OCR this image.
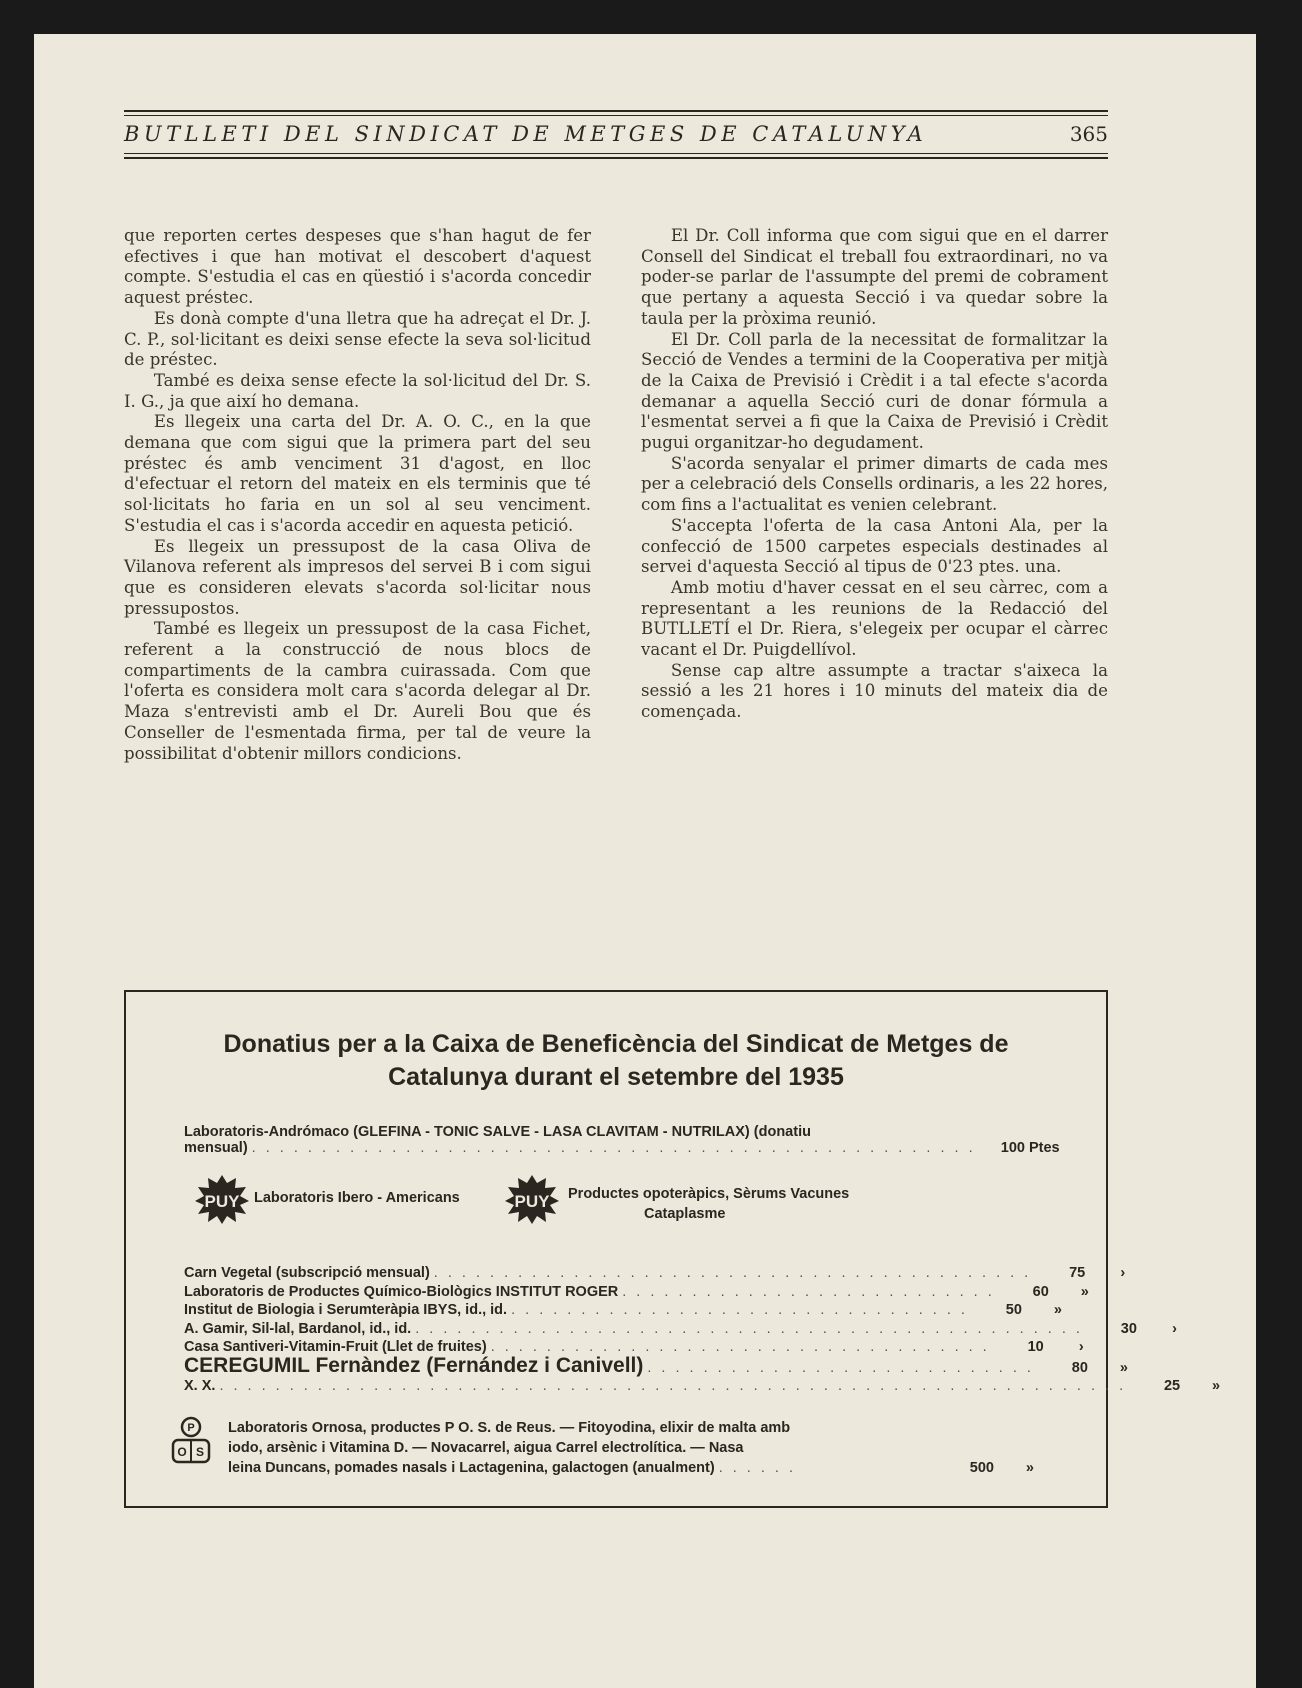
BUTLLETI DEL SINDICAT DE METGES DE CATALUNYA	365

que reporten certes despeses que s'han hagut de fer efectives i que han motivat el descobert d'aquest compte. S'estudia el cas en qüestió i s'acorda concedir aquest préstec.

Es donà compte d'una lletra que ha adreçat el Dr. J. C. P., sol·licitant es deixi sense efecte la seva sol·licitud de préstec.

També es deixa sense efecte la sol·licitud del Dr. S. I. G., ja que així ho demana.

Es llegeix una carta del Dr. A. O. C., en la que demana que com sigui que la primera part del seu préstec és amb venciment 31 d'agost, en lloc d'efectuar el retorn del mateix en els terminis que té sol·licitats ho faria en un sol al seu venciment. S'estudia el cas i s'acorda accedir en aquesta petició.

Es llegeix un pressupost de la casa Oliva de Vilanova referent als impresos del servei B i com sigui que es consideren elevats s'acorda sol·licitar nous pressupostos.

També es llegeix un pressupost de la casa Fichet, referent a la construcció de nous blocs de compartiments de la cambra cuirassada. Com que l'oferta es considera molt cara s'acorda delegar al Dr. Maza s'entrevisti amb el Dr. Aureli Bou que és Conseller de l'esmentada firma, per tal de veure la possibilitat d'obtenir millors condicions.

El Dr. Coll informa que com sigui que en el darrer Consell del Sindicat el treball fou extraordinari, no va poder-se parlar de l'assumpte del premi de cobrament que pertany a aquesta Secció i va quedar sobre la taula per la pròxima reunió.

El Dr. Coll parla de la necessitat de formalitzar la Secció de Vendes a termini de la Cooperativa per mitjà de la Caixa de Previsió i Crèdit i a tal efecte s'acorda demanar a aquella Secció curi de donar fórmula a l'esmentat servei a fi que la Caixa de Previsió i Crèdit pugui organitzar-ho degudament.

S'acorda senyalar el primer dimarts de cada mes per a celebració dels Consells ordinaris, a les 22 hores, com fins a l'actualitat es venien celebrant.

S'accepta l'oferta de la casa Antoni Ala, per la confecció de 1500 carpetes especials destinades al servei d'aquesta Secció al tipus de 0'23 ptes. una.

Amb motiu d'haver cessat en el seu càrrec, com a representant a les reunions de la Redacció del BUTLLETÍ el Dr. Riera, s'elegeix per ocupar el càrrec vacant el Dr. Puigdellívol.

Sense cap altre assumpte a tractar s'aixeca la sessió a les 21 hores i 10 minuts del mateix dia de començada.

Donatius per a la Caixa de Beneficència del Sindicat de Metges de Catalunya durant el setembre del 1935
Laboratoris-Andrómaco (GLEFINA - TONIC SALVE - LASA CLAVITAM - NUTRILAX) (donatiu
mensual) . . . . . . . . . . . . . . . . . . . . . . . . . . . . . . . . . . . . . . . . . . . . . . . . . . . .	100 Ptes
PUY Laboratoris Ibero - Americans	PUY Productes opoteràpics, Sèrums Vacunes
Cataplasme
Carn Vegetal (subscripció mensual) . . . . . . . . . . . . . . . . . . . . . . . . . . . . . . . . . . . . . . . . . . .	75	›
Laboratoris de Productes Químico-Biològics INSTITUT ROGER . . . . . . . . . . . . . . . . . . . . . . . . . . .	60	»
Institut de Biologia i Serumteràpia IBYS, id., id. . . . . . . . . . . . . . . . . . . . . . . . . . . . . . . . . .	50	»
A. Gamir, Sil-lal, Bardanol, id., id. . . . . . . . . . . . . . . . . . . . . . . . . . . . . . . . . . . . . . . . . . . . . . . . .	30	›
Casa Santiveri-Vitamin-Fruit (Llet de fruites) . . . . . . . . . . . . . . . . . . . . . . . . . . . . . . . . . . . .	10	›
CEREGUMIL Fernàndez (Fernández i Canivell) . . . . . . . . . . . . . . . . . . . . . . . . . . . .	80	»
X. X. . . . . . . . . . . . . . . . . . . . . . . . . . . . . . . . . . . . . . . . . . . . . . . . . . . . . . . . . . . . . . . . . .	25	»
P
O S
Laboratoris Ornosa, productes P O. S. de Reus. — Fitoyodina, elixir de malta amb
iodo, arsènic i Vitamina D. — Novacarrel, aigua Carrel electrolítica. — Nasa
leina Duncans, pomades nasals i Lactagenina, galactogen (anualment) . . . . . .	500	»
